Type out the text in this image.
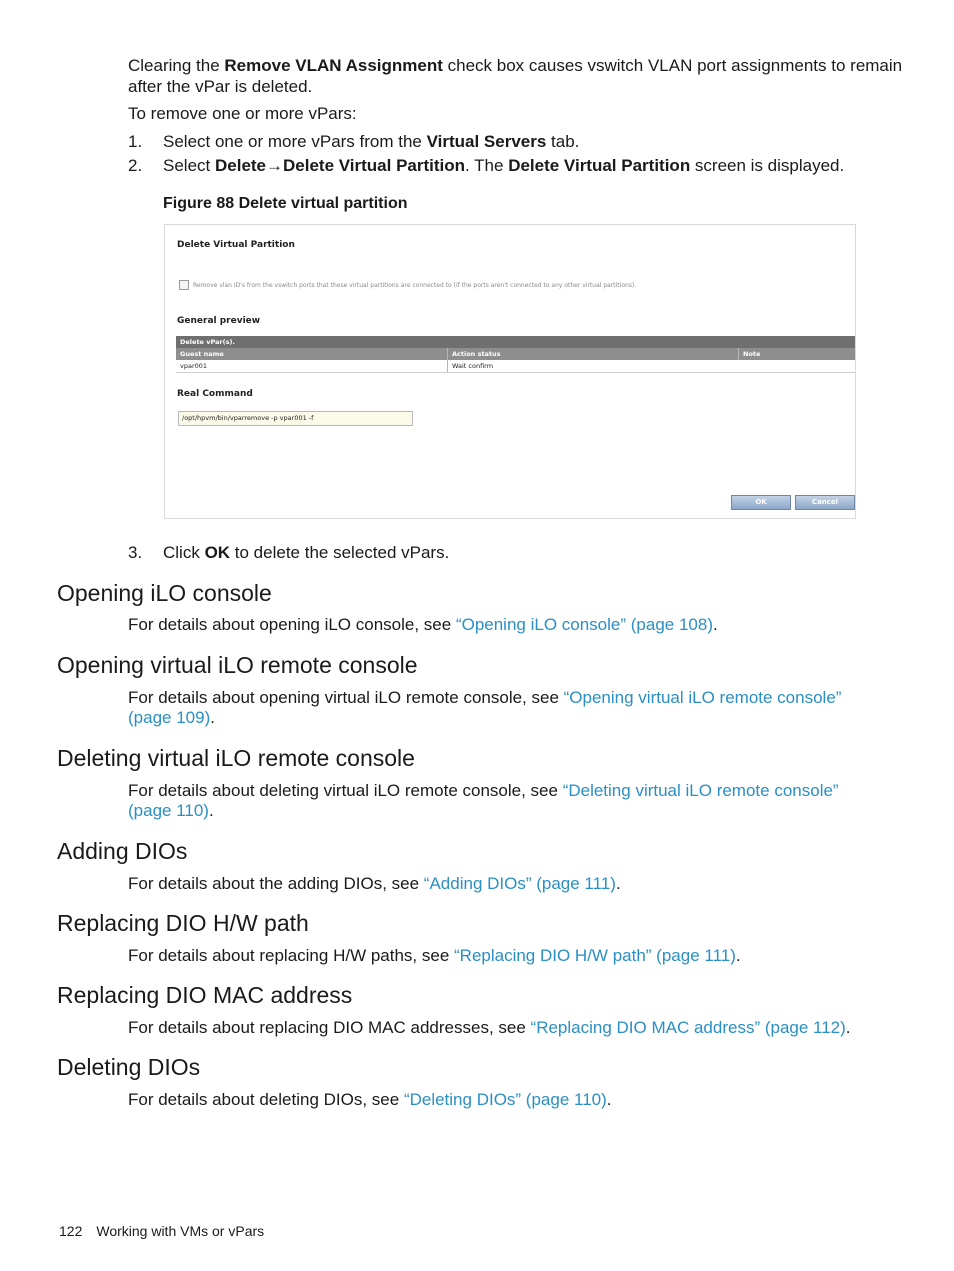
Clearing the Remove VLAN Assignment check box causes vswitch VLAN port assignments to remain

after the vPar is deleted.

To remove one or more vPars:

1. Select one or more vPars from the Virtual Servers tab.
2. Select Delete→Delete Virtual Partition. The Delete Virtual Partition screen is displayed.
Figure 88 Delete virtual partition
Delete Virtual Partition
Remove vlan ID's from the vswitch ports that these virtual partitions are connected to (if the ports aren't connected to any other virtual partitions).
General preview
Delete vPar(s).
Guest name	Action status	Note
vpar001	Wait confirm
Real Command
/opt/hpvm/bin/vparremove -p vpar001 -f
OK	Cancel
3. Click OK to delete the selected vPars.
Opening iLO console

For details about opening iLO console, see “Opening iLO console” (page 108).

Opening virtual iLO remote console

For details about opening virtual iLO remote console, see “Opening virtual iLO remote console”

(page 109).

Deleting virtual iLO remote console

For details about deleting virtual iLO remote console, see “Deleting virtual iLO remote console”

(page 110).

Adding DIOs

For details about the adding DIOs, see “Adding DIOs” (page 111).

Replacing DIO H/W path

For details about replacing H/W paths, see “Replacing DIO H/W path” (page 111).

Replacing DIO MAC address

For details about replacing DIO MAC addresses, see “Replacing DIO MAC address” (page 112).

Deleting DIOs

For details about deleting DIOs, see “Deleting DIOs” (page 110).

122 Working with VMs or vPars
